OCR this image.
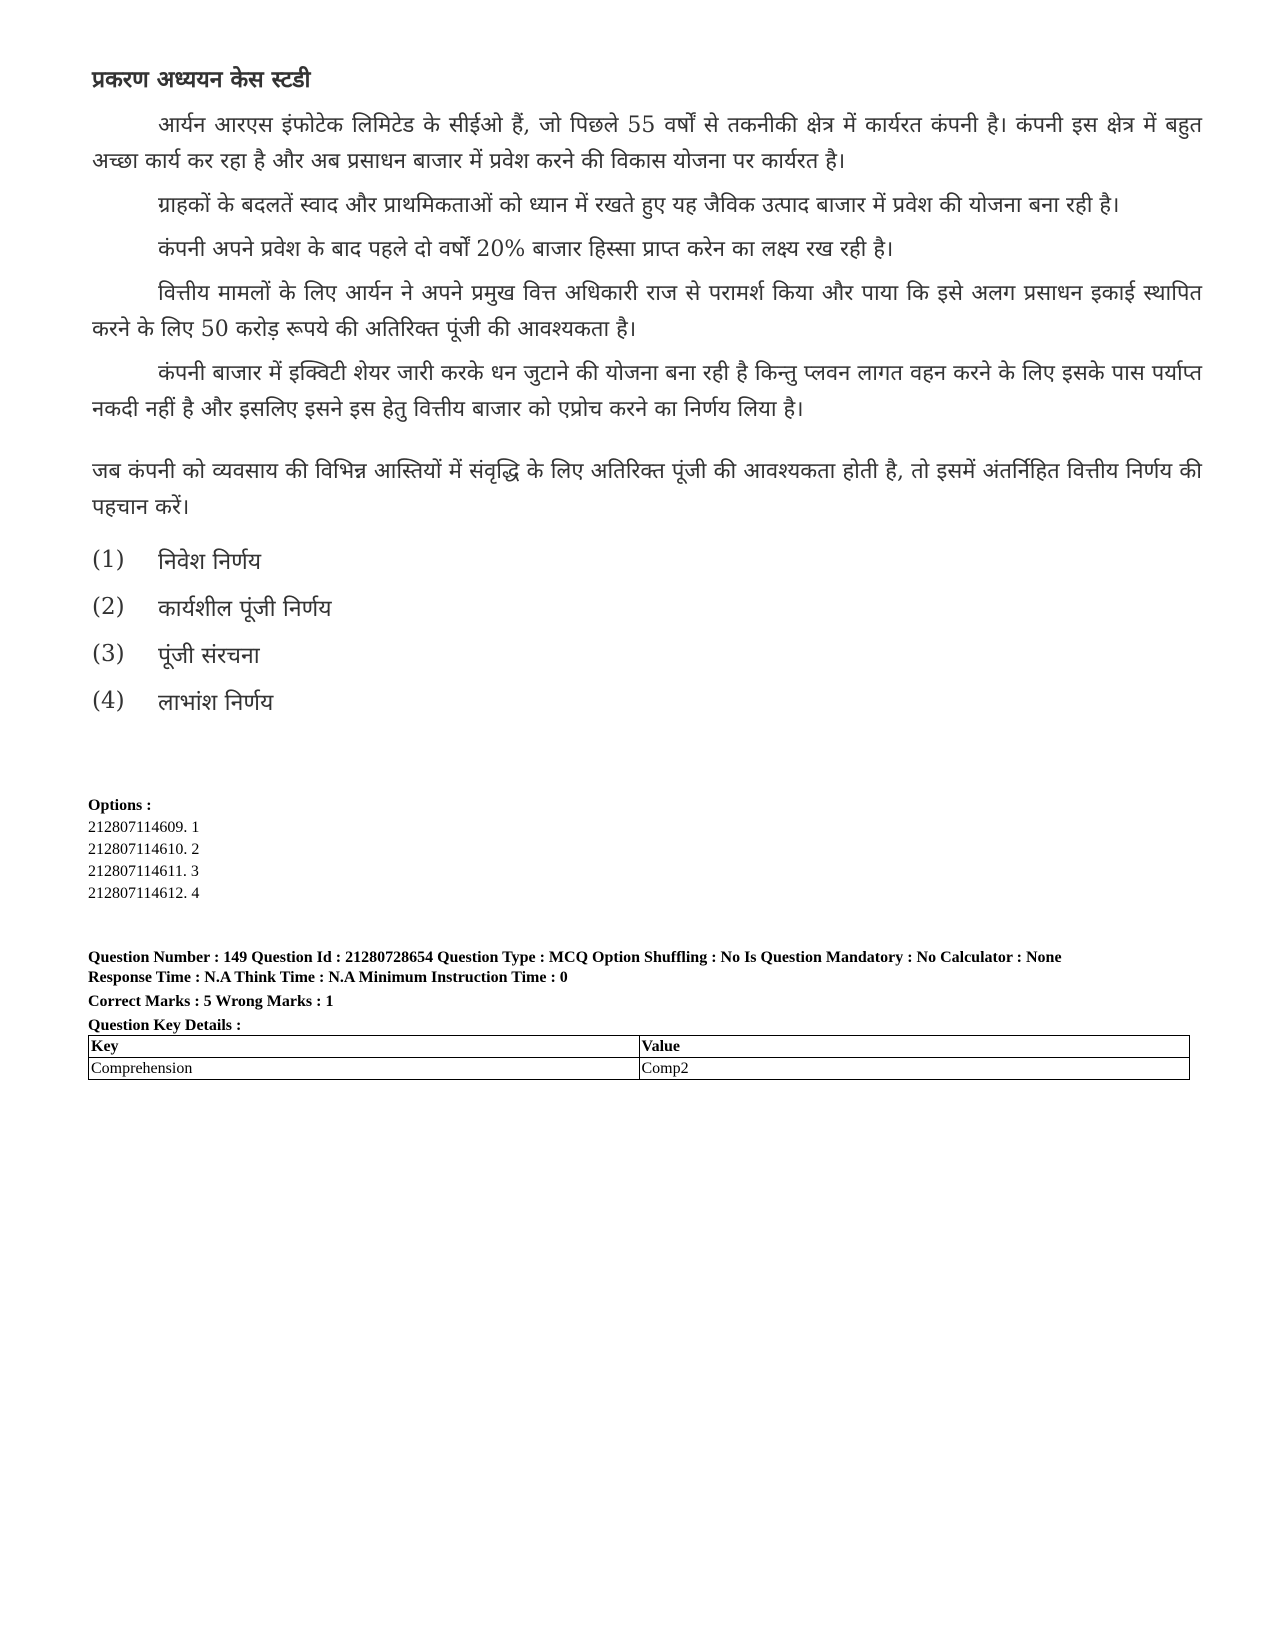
प्रकरण अध्ययन केस स्टडी

आर्यन आरएस इंफोटेक लिमिटेड के सीईओ हैं, जो पिछले 55 वर्षों से तकनीकी क्षेत्र में कार्यरत कंपनी है। कंपनी इस क्षेत्र में बहुत अच्छा कार्य कर रहा है और अब प्रसाधन बाजार में प्रवेश करने की विकास योजना पर कार्यरत है।

ग्राहकों के बदलतें स्वाद और प्राथमिकताओं को ध्यान में रखते हुए यह जैविक उत्पाद बाजार में प्रवेश की योजना बना रही है।

कंपनी अपने प्रवेश के बाद पहले दो वर्षों 20% बाजार हिस्सा प्राप्त करेन का लक्ष्य रख रही है।

वित्तीय मामलों के लिए आर्यन ने अपने प्रमुख वित्त अधिकारी राज से परामर्श किया और पाया कि इसे अलग प्रसाधन इकाई स्थापित करने के लिए 50 करोड़ रूपये की अतिरिक्त पूंजी की आवश्यकता है।

कंपनी बाजार में इक्विटी शेयर जारी करके धन जुटाने की योजना बना रही है किन्तु प्लवन लागत वहन करने के लिए इसके पास पर्याप्त नकदी नहीं है और इसलिए इसने इस हेतु वित्तीय बाजार को एप्रोच करने का निर्णय लिया है।

जब कंपनी को व्यवसाय की विभिन्न आस्तियों में संवृद्धि के लिए अतिरिक्त पूंजी की आवश्यकता होती है, तो इसमें अंतर्निहित वित्तीय निर्णय की पहचान करें।

(1)	निवेश निर्णय
(2)	कार्यशील पूंजी निर्णय
(3)	पूंजी संरचना
(4)	लाभांश निर्णय
Options :
212807114609. 1
212807114610. 2
212807114611. 3
212807114612. 4
Question Number : 149 Question Id : 21280728654 Question Type : MCQ Option Shuffling : No Is Question Mandatory : No Calculator : None
Response Time : N.A Think Time : N.A Minimum Instruction Time : 0
Correct Marks : 5 Wrong Marks : 1
Question Key Details :
Key	Value
Comprehension	Comp2
